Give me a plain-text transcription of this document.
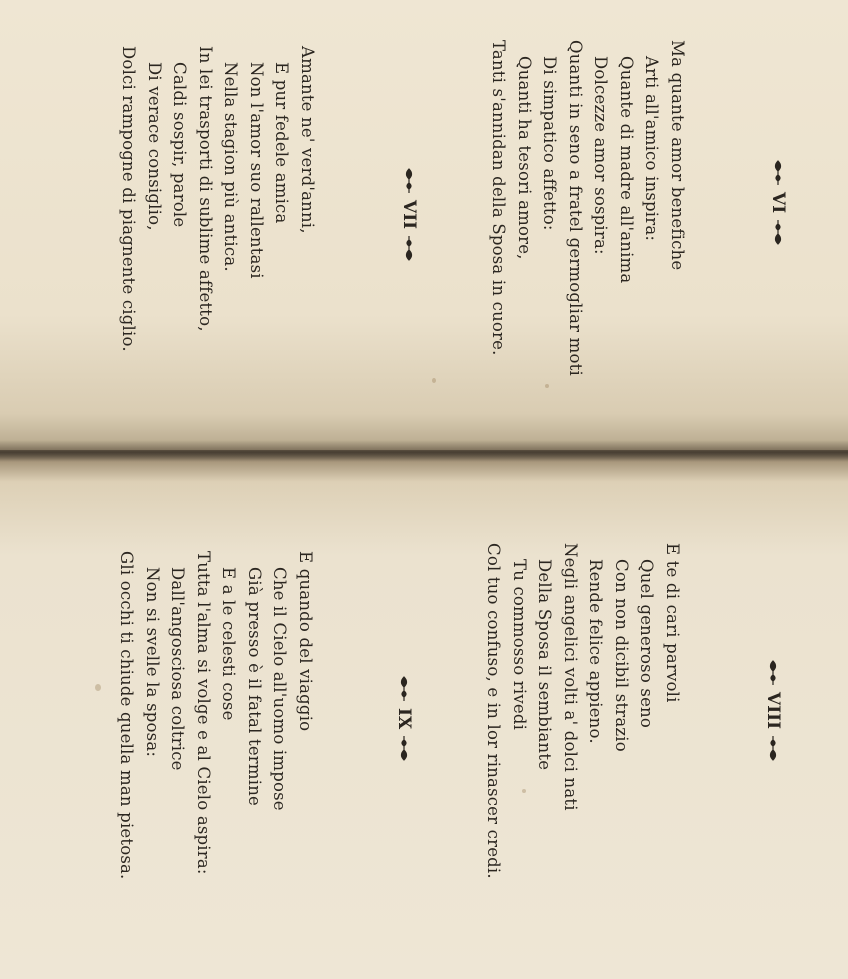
VI
Ma quante amor benefiche
Arti all'amico inspira:
Quante di madre all'anima
Dolcezze amor sospira:
Quanti in seno a fratel germogliar moti
Di simpatico affetto:
Quanti ha tesori amore,
Tanti s'annidan della Sposa in cuore.
VII
Amante ne' verd'anni,
E pur fedele amica
Non l'amor suo rallentasi
Nella stagion più antica.
In lei trasporti di sublime affetto,
Caldi sospir, parole
Di verace consiglio,
Dolci rampogne di piagnente ciglio.
VIII
E te di cari parvoli
Quel generoso seno
Con non dicibil strazio
Rende felice appieno.
Negli angelici volti a' dolci nati
Della Sposa il sembiante
Tu commosso rivedi
Col tuo confuso, e in lor rinascer credi.
IX
E quando del viaggio
Che il Cielo all'uomo impose
Già presso è il fatal termine
E a le celesti cose
Tutta l'alma si volge e al Cielo aspira:
Dall'angosciosa coltrice
Non si svelle la sposa:
Gli occhi ti chiude quella man pietosa.
